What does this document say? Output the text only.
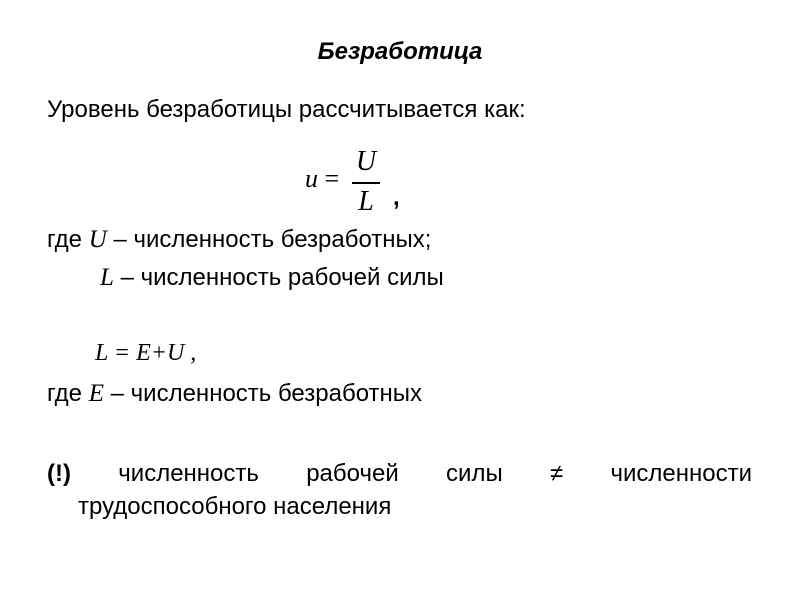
Безработица
Уровень безработицы рассчитывается как:
u =
U
L ,
где U – численность безработных;
L – численность рабочей силы
L = E+U ,
где E – численность безработных
(!) численность рабочей силы ≠ численности
трудоспособного населения
